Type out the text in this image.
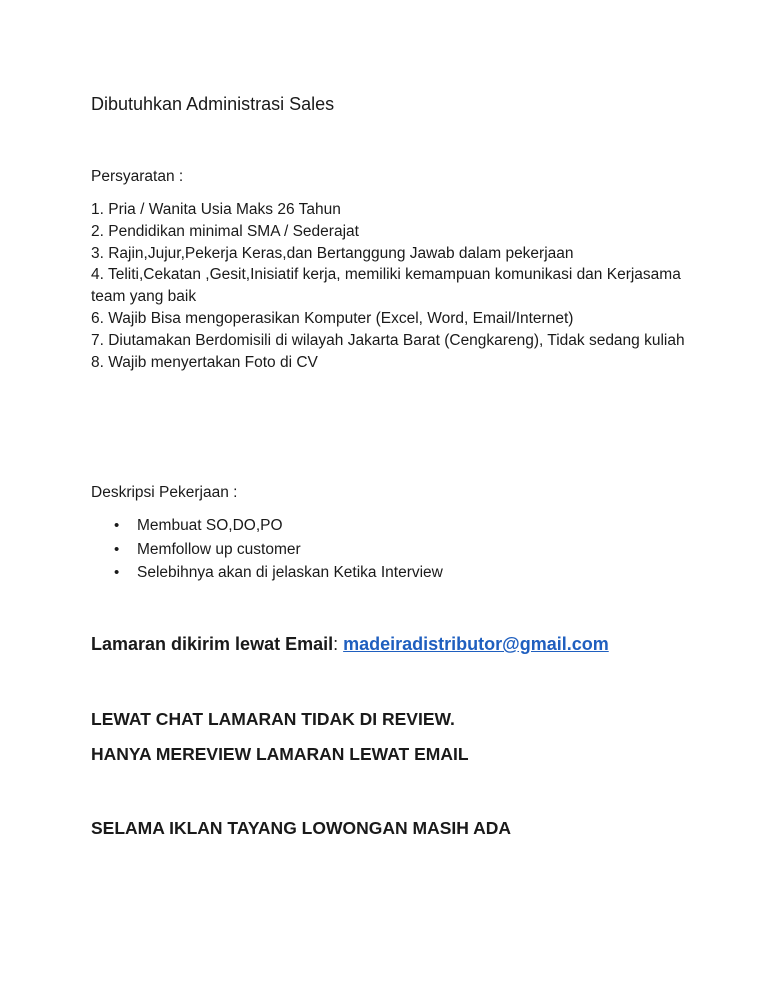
Dibutuhkan Administrasi Sales
Persyaratan :
1. Pria / Wanita Usia Maks 26 Tahun
2. Pendidikan minimal SMA / Sederajat
3. Rajin,Jujur,Pekerja Keras,dan Bertanggung Jawab dalam pekerjaan
4. Teliti,Cekatan ,Gesit,Inisiatif kerja, memiliki kemampuan komunikasi dan Kerjasama team yang baik
6. Wajib Bisa mengoperasikan Komputer (Excel, Word, Email/Internet)
7. Diutamakan Berdomisili di wilayah Jakarta Barat (Cengkareng), Tidak sedang kuliah
8. Wajib menyertakan Foto di CV
Deskripsi Pekerjaan :
• Membuat SO,DO,PO
• Memfollow up customer
• Selebihnya akan di jelaskan Ketika Interview
Lamaran dikirim lewat Email: madeiradistributor@gmail.com
LEWAT CHAT LAMARAN TIDAK DI REVIEW.
HANYA MEREVIEW LAMARAN LEWAT EMAIL
SELAMA IKLAN TAYANG LOWONGAN MASIH ADA
